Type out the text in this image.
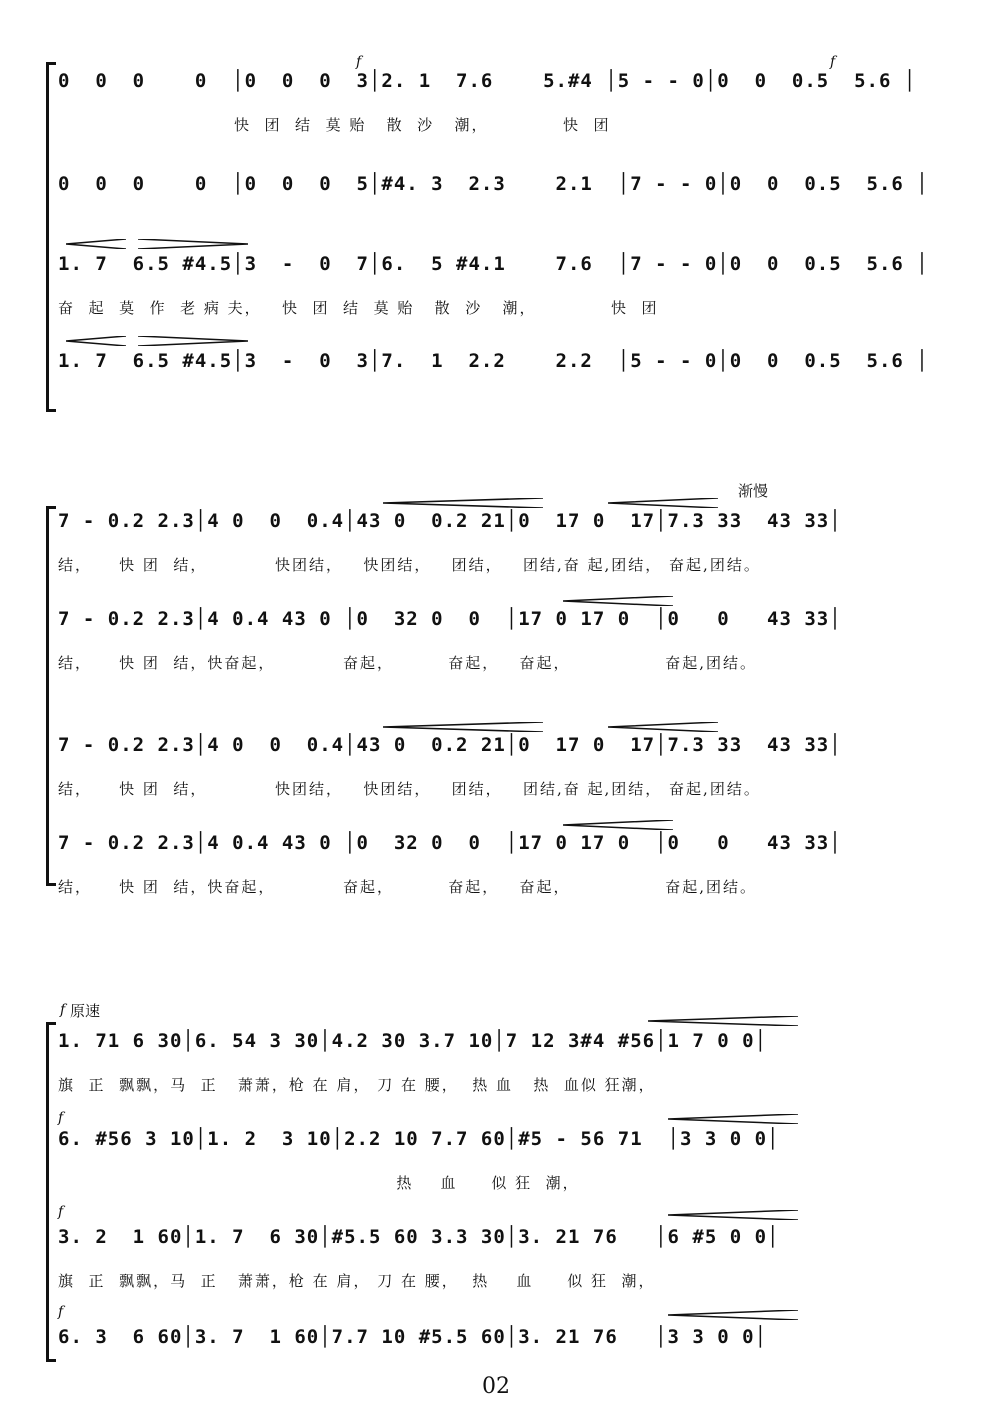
f	f
0  0  0    0  │0  0  0  3│2. 1  7.6    5.#4 │5 - - 0│0  0  0.5  5.6 │
快  团  结  莫 贻   散  沙   潮，           快  团
0  0  0    0  │0  0  0  5│#4. 3  2.3    2.1  │7 - - 0│0  0  0.5  5.6 │
1. 7  6.5 #4.5│3  -  0  7│6.  5 #4.1    7.6  │7 - - 0│0  0  0.5  5.6 │
奋  起  莫  作  老 病 夫，   快  团  结  莫 贻   散  沙   潮，           快  团
1. 7  6.5 #4.5│3  -  0  3│7.  1  2.2    2.2  │5 - - 0│0  0  0.5  5.6 │
渐慢
7 - 0.2 2.3│4 0  0  0.4│43 0  0.2 21│0  17 0  17│7.3 33  43 33│
结，    快 团  结，          快团结，   快团结，   团结，   团结,奋 起,团结， 奋起,团结。
7 - 0.2 2.3│4 0.4 43 0 │0  32 0  0  │17 0 17 0  │0   0   43 33│
结，    快 团  结，快奋起，          奋起，        奋起，   奋起，              奋起,团结。
7 - 0.2 2.3│4 0  0  0.4│43 0  0.2 21│0  17 0  17│7.3 33  43 33│
结，    快 团  结，          快团结，   快团结，   团结，   团结,奋 起,团结， 奋起,团结。
7 - 0.2 2.3│4 0.4 43 0 │0  32 0  0  │17 0 17 0  │0   0   43 33│
结，    快 团  结，快奋起，          奋起，        奋起，   奋起，              奋起,团结。
f 原速
1. 71 6 30│6. 54 3 30│4.2 30 3.7 10│7 12 3#4 #56│1 7 0 0│
旗  正  飘飘，马  正   萧萧，枪 在 肩， 刀 在 腰，  热 血   热  血似 狂潮，
f
6. #56 3 10│1. 2  3 10│2.2 10 7.7 60│#5 - 56 71  │3 3 0 0│
热    血     似 狂  潮，
f
3. 2  1 60│1. 7  6 30│#5.5 60 3.3 30│3. 21 76   │6 #5 0 0│
旗  正  飘飘，马  正   萧萧，枪 在 肩， 刀 在 腰，  热    血     似 狂  潮，
f
6. 3  6 60│3. 7  1 60│7.7 10 #5.5 60│3. 21 76   │3 3 0 0│
02
